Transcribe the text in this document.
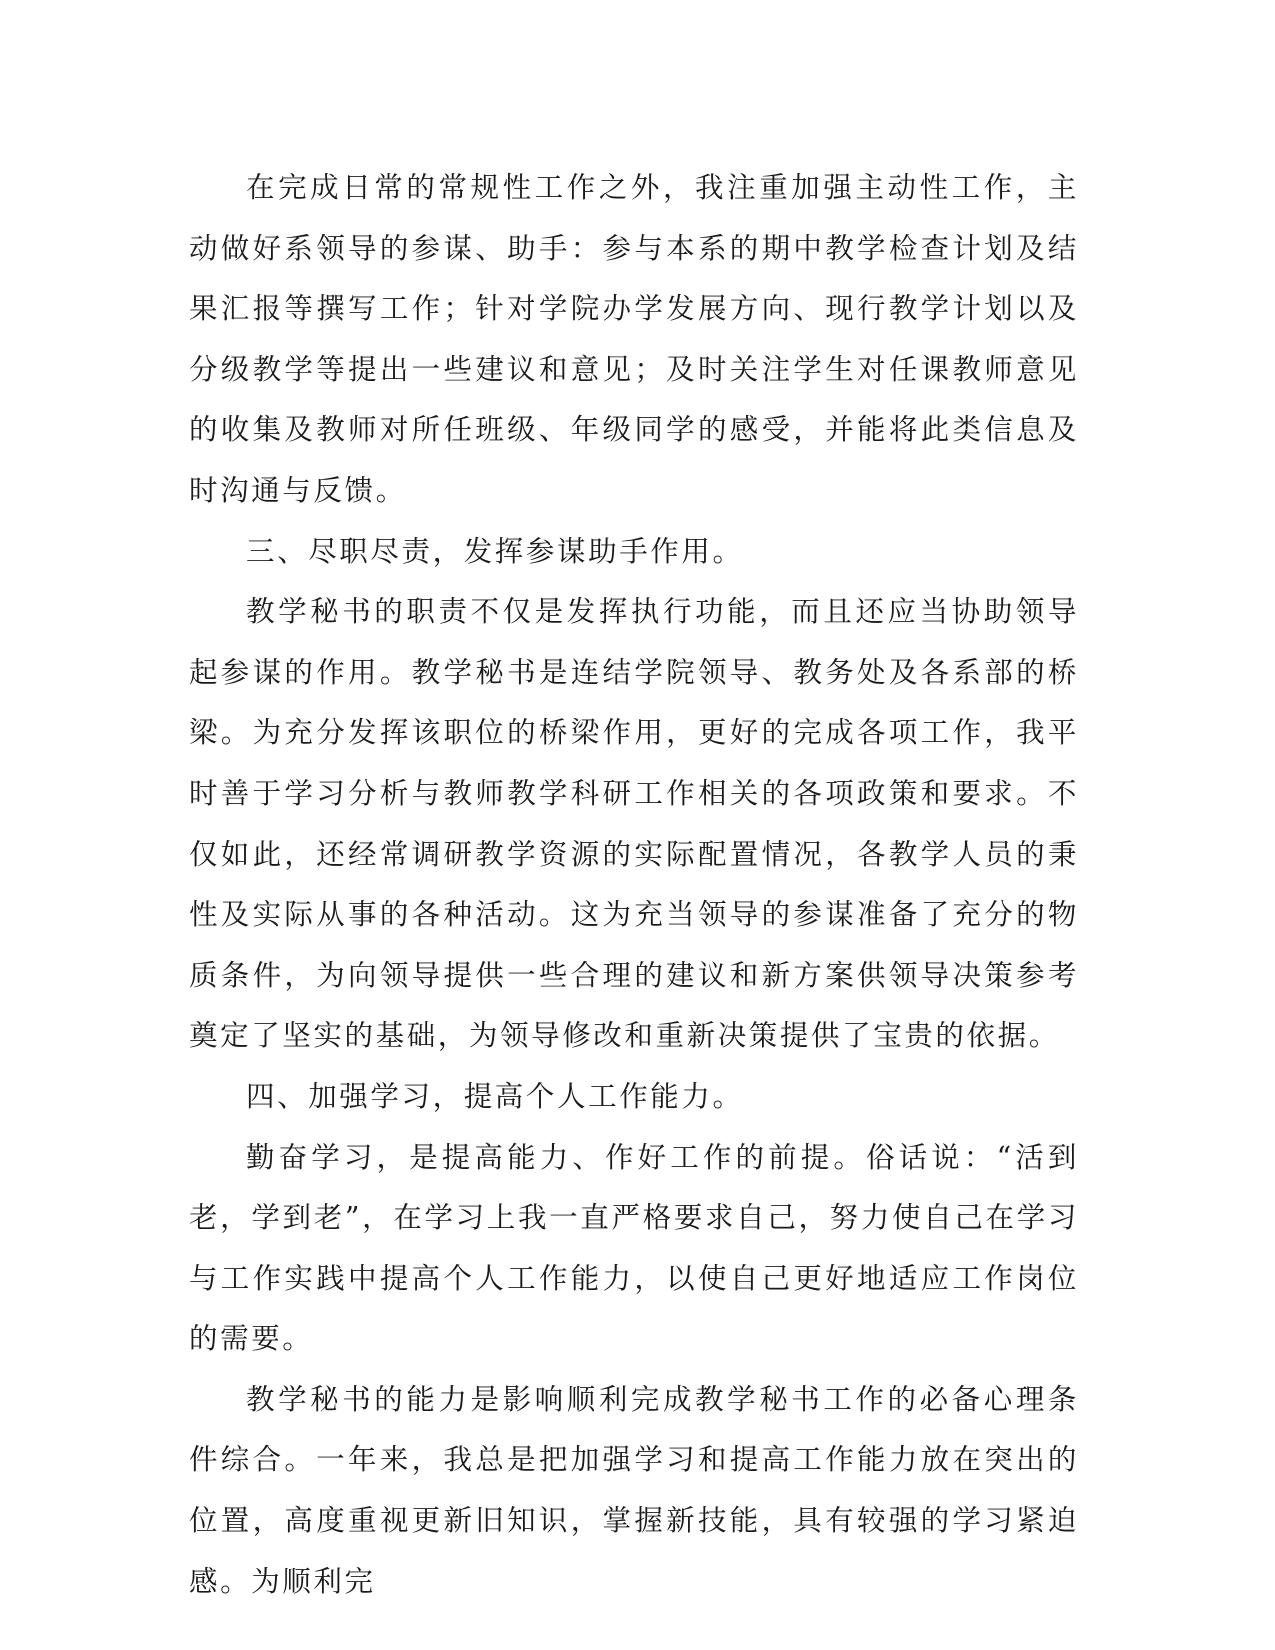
在完成日常的常规性工作之外，我注重加强主动性工作，主动做好系领导的参谋、助手：参与本系的期中教学检查计划及结果汇报等撰写工作；针对学院办学发展方向、现行教学计划以及分级教学等提出一些建议和意见；及时关注学生对任课教师意见的收集及教师对所任班级、年级同学的感受，并能将此类信息及时沟通与反馈。

三、尽职尽责，发挥参谋助手作用。

教学秘书的职责不仅是发挥执行功能，而且还应当协助领导起参谋的作用。教学秘书是连结学院领导、教务处及各系部的桥梁。为充分发挥该职位的桥梁作用，更好的完成各项工作，我平时善于学习分析与教师教学科研工作相关的各项政策和要求。不仅如此，还经常调研教学资源的实际配置情况，各教学人员的秉性及实际从事的各种活动。这为充当领导的参谋准备了充分的物质条件，为向领导提供一些合理的建议和新方案供领导决策参考奠定了坚实的基础，为领导修改和重新决策提供了宝贵的依据。

四、加强学习，提高个人工作能力。

勤奋学习，是提高能力、作好工作的前提。俗话说：“活到老，学到老”，在学习上我一直严格要求自己，努力使自己在学习与工作实践中提高个人工作能力，以使自己更好地适应工作岗位的需要。

教学秘书的能力是影响顺利完成教学秘书工作的必备心理条件综合。一年来，我总是把加强学习和提高工作能力放在突出的位置，高度重视更新旧知识，掌握新技能，具有较强的学习紧迫感。为顺利完
